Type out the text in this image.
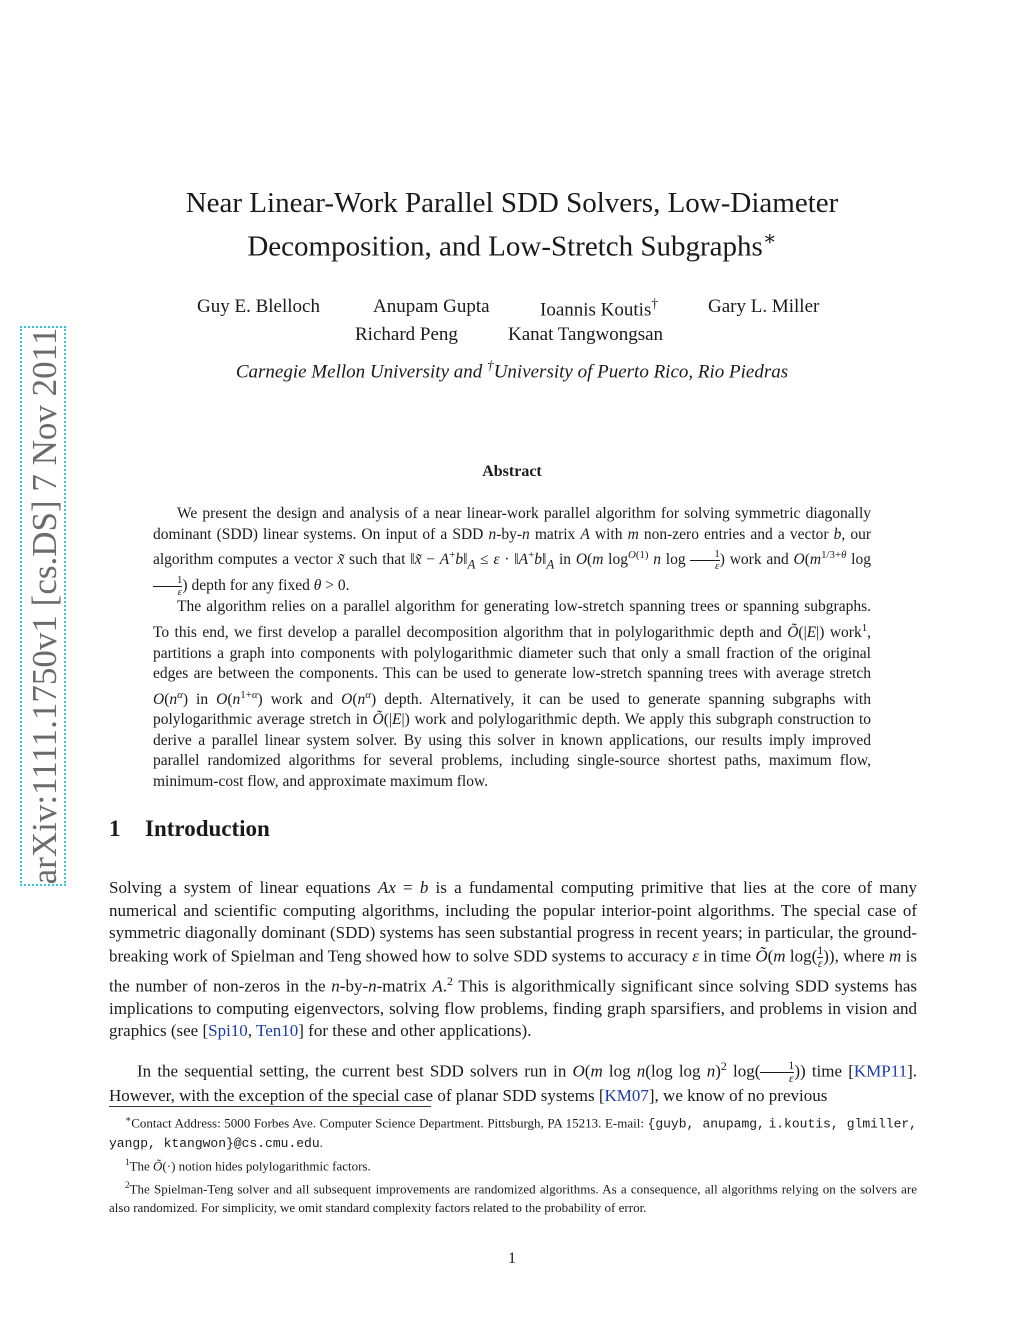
arXiv:1111.1750v1 [cs.DS] 7 Nov 2011
Near Linear-Work Parallel SDD Solvers, Low-Diameter
Decomposition, and Low-Stretch Subgraphs∗
Guy E. Blelloch	Anupam Gupta	Ioannis Koutis†	Gary L. Miller
Richard Peng	Kanat Tangwongsan
Carnegie Mellon University and †University of Puerto Rico, Rio Piedras
Abstract

We present the design and analysis of a near linear-work parallel algorithm for solving symmetric diagonally dominant (SDD) linear systems. On input of a SDD n-by-n matrix A with m non-zero entries and a vector b, our algorithm computes a vector x̃ such that ‖x̃ − $A^+b‖_A \le \varepsilon$ · $‖A^+b‖_A$ in O(m $\log^{O(1)} n$ $\log \frac{1}{\varepsilon}$ ) work and $O(m^{1/3+\theta}$ log
$\frac{1}{\varepsilon}$ ) depth for any fixed θ > 0.

The algorithm relies on a parallel algorithm for generating low-stretch spanning trees or spanning subgraphs. To this end, we first develop a parallel decomposition algorithm that in polylogarithmic depth and Õ(|E|) work$^1$, partitions a graph into components with polylogarithmic diameter such that only a small fraction of the original edges are between the components. This can be used to generate low-stretch spanning trees with average stretch $O(n^\alpha)$ in $O(n^{1+\alpha})$ work and $O(n^\alpha)$ depth. Alternatively, it can be used to generate spanning subgraphs with polylogarithmic average stretch in Õ(|E|) work and polylogarithmic depth. We apply this subgraph construction to derive a parallel linear system solver. By using this solver in known applications, our results imply improved parallel randomized algorithms for several problems, including single-source shortest paths, maximum flow, minimum-cost flow, and approximate maximum flow.

1 Introduction

Solving a system of linear equations Ax = b is a fundamental computing primitive that lies at the core of many numerical and scientific computing algorithms, including the popular interior-point algorithms. The special case of symmetric diagonally dominant (SDD) systems has seen substantial progress in recent years; in particular, the ground-breaking work of Spielman and Teng showed how to solve SDD systems to accuracy ε in time Õ(m $\log( \frac{1}{\varepsilon}$ )), where m is the number of non-zeros in the n-by-n-matrix A.$^2$ This is algorithmically significant since solving SDD systems has implications to computing eigenvectors, solving flow problems, finding graph sparsifiers, and problems in vision and graphics (see [Spi10, Ten10] for these and other applications).

In the sequential setting, the current best SDD solvers run in O(m log n(log log n)$^2$ $\log( \frac{1}{\varepsilon}$ )) time [KMP11]. However, with the exception of the special case of planar SDD systems [KM07], we know of no previous

∗Contact Address: 5000 Forbes Ave. Computer Science Department. Pittsburgh, PA 15213. E-mail: {guyb, anupamg, i.koutis, glmiller, yangp, ktangwon}@cs.cmu.edu.

$^1$The Õ(·) notion hides polylogarithmic factors.

$^2$The Spielman-Teng solver and all subsequent improvements are randomized algorithms. As a consequence, all algorithms relying on the solvers are also randomized. For simplicity, we omit standard complexity factors related to the probability of error.

1
